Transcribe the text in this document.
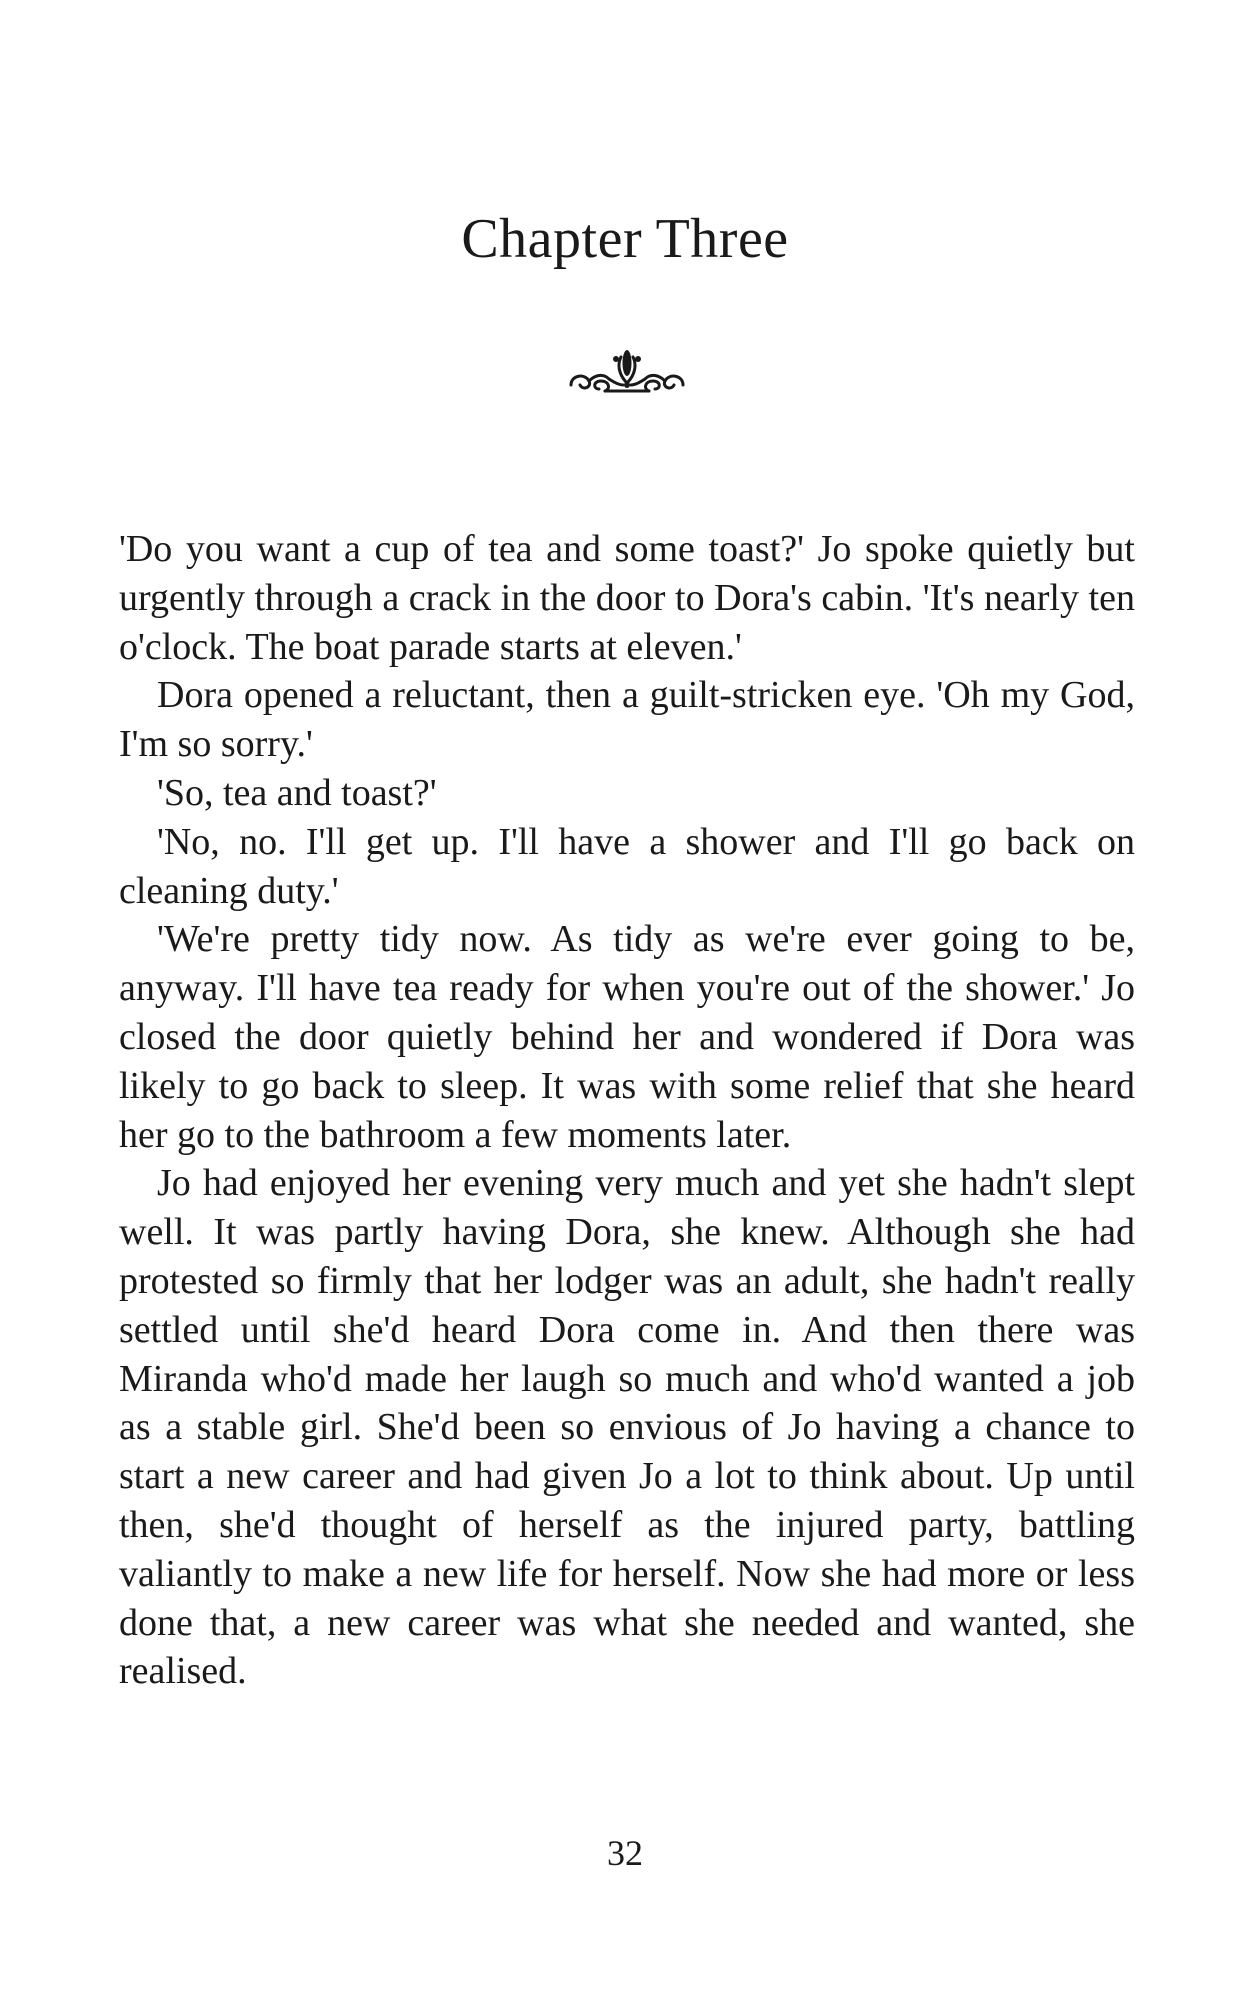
Chapter Three

'Do you want a cup of tea and some toast?' Jo spoke quietly but urgently through a crack in the door to Dora's cabin. 'It's nearly ten o'clock. The boat parade starts at eleven.'

Dora opened a reluctant, then a guilt-stricken eye. 'Oh my God, I'm so sorry.'

'So, tea and toast?'

'No, no. I'll get up. I'll have a shower and I'll go back on cleaning duty.'

'We're pretty tidy now. As tidy as we're ever going to be, anyway. I'll have tea ready for when you're out of the shower.' Jo closed the door quietly behind her and wondered if Dora was likely to go back to sleep. It was with some relief that she heard her go to the bathroom a few moments later.

Jo had enjoyed her evening very much and yet she hadn't slept well. It was partly having Dora, she knew. Although she had protested so firmly that her lodger was an adult, she hadn't really settled until she'd heard Dora come in. And then there was Miranda who'd made her laugh so much and who'd wanted a job as a stable girl. She'd been so envious of Jo having a chance to start a new career and had given Jo a lot to think about. Up until then, she'd thought of herself as the injured party, battling valiantly to make a new life for herself. Now she had more or less done that, a new career was what she needed and wanted, she realised.

32
